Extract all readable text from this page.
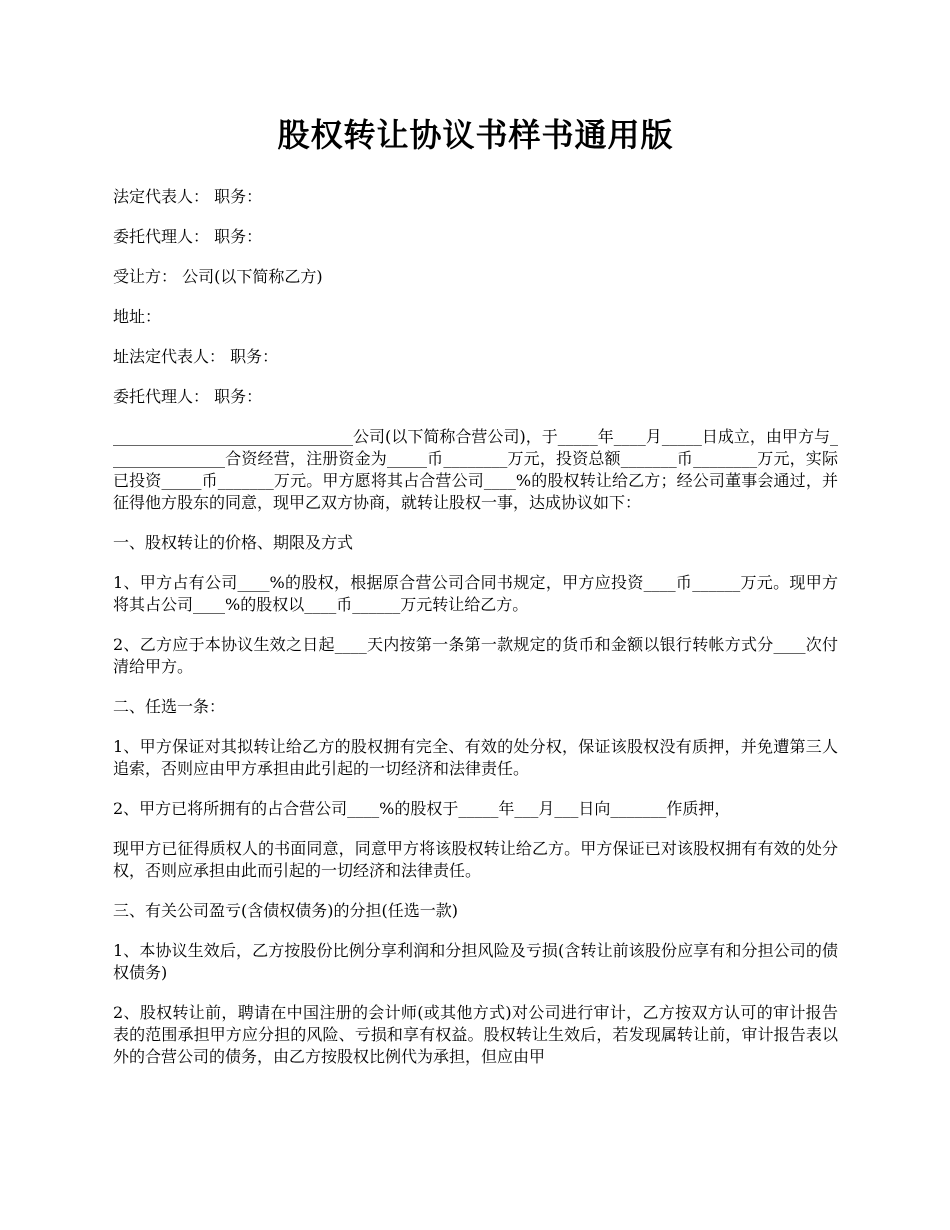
股权转让协议书样书通用版

法定代表人： 职务：

委托代理人： 职务：

受让方： 公司(以下简称乙方)

地址：

址法定代表人： 职务：

委托代理人： 职务：

______________________________公司(以下简称合营公司)，于_____年____月_____日成立，由甲方与_______________合资经营，注册资金为_____币________万元，投资总额_______币________万元，实际已投资_____币_______万元。甲方愿将其占合营公司____%的股权转让给乙方；经公司董事会通过，并征得他方股东的同意，现甲乙双方协商，就转让股权一事，达成协议如下：

一、股权转让的价格、期限及方式

1、甲方占有公司____%的股权，根据原合营公司合同书规定，甲方应投资____币______万元。现甲方将其占公司____%的股权以____币______万元转让给乙方。

2、乙方应于本协议生效之日起____天内按第一条第一款规定的货币和金额以银行转帐方式分____次付清给甲方。

二、任选一条：

1、甲方保证对其拟转让给乙方的股权拥有完全、有效的处分权，保证该股权没有质押，并免遭第三人追索，否则应由甲方承担由此引起的一切经济和法律责任。

2、甲方已将所拥有的占合营公司____%的股权于_____年___月___日向_______作质押，

现甲方已征得质权人的书面同意，同意甲方将该股权转让给乙方。甲方保证已对该股权拥有有效的处分权，否则应承担由此而引起的一切经济和法律责任。

三、有关公司盈亏(含债权债务)的分担(任选一款)

1、本协议生效后，乙方按股份比例分享利润和分担风险及亏损(含转让前该股份应享有和分担公司的债权债务)

2、股权转让前，聘请在中国注册的会计师(或其他方式)对公司进行审计，乙方按双方认可的审计报告表的范围承担甲方应分担的风险、亏损和享有权益。股权转让生效后，若发现属转让前，审计报告表以外的合营公司的债务，由乙方按股权比例代为承担，但应由甲
